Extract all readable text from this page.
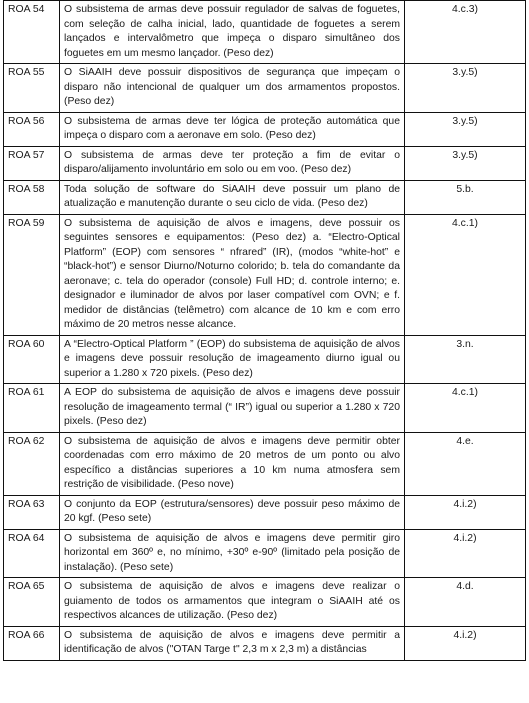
ROA 54	O subsistema de armas deve possuir regulador de salvas de foguetes, com seleção de calha inicial, lado, quantidade de foguetes a serem lançados e intervalômetro que impeça o disparo simultâneo dos foguetes em um mesmo lançador. (Peso dez)	4.c.3)
ROA 55	O SiAAIH deve possuir dispositivos de segurança que impeçam o disparo não intencional de qualquer um dos armamentos propostos. (Peso dez)	3.y.5)
ROA 56	O subsistema de armas deve ter lógica de proteção automática que impeça o disparo com a aeronave em solo. (Peso dez)	3.y.5)
ROA 57	O subsistema de armas deve ter proteção a fim de evitar o disparo/alijamento involuntário em solo ou em voo. (Peso dez)	3.y.5)
ROA 58	Toda solução de software do SiAAIH deve possuir um plano de atualização e manutenção durante o seu ciclo de vida. (Peso dez)	5.b.
ROA 59	O subsistema de aquisição de alvos e imagens, deve possuir os seguintes sensores e equipamentos: (Peso dez) a. “Electro-Optical Platform” (EOP) com sensores “ nfrared” (IR), (modos “white-hot” e “black-hot”) e sensor Diurno/Noturno colorido; b. tela do comandante da aeronave; c. tela do operador (console) Full HD; d. controle interno; e. designador e iluminador de alvos por laser compatível com OVN; e f. medidor de distâncias (telêmetro) com alcance de 10 km e com erro máximo de 20 metros nesse alcance.	4.c.1)
ROA 60	A “Electro-Optical Platform ” (EOP) do subsistema de aquisição de alvos e imagens deve possuir resolução de imageamento diurno igual ou superior a 1.280 x 720 pixels. (Peso dez)	3.n.
ROA 61	A EOP do subsistema de aquisição de alvos e imagens deve possuir resolução de imageamento termal (“ IR”) igual ou superior a 1.280 x 720 pixels. (Peso dez)	4.c.1)
ROA 62	O subsistema de aquisição de alvos e imagens deve permitir obter coordenadas com erro máximo de 20 metros de um ponto ou alvo específico a distâncias superiores a 10 km numa atmosfera sem restrição de visibilidade. (Peso nove)	4.e.
ROA 63	O conjunto da EOP (estrutura/sensores) deve possuir peso máximo de 20 kgf. (Peso sete)	4.i.2)
ROA 64	O subsistema de aquisição de alvos e imagens deve permitir giro horizontal em 360º e, no mínimo, +30º e-90º (limitado pela posição de instalação). (Peso sete)	4.i.2)
ROA 65	O subsistema de aquisição de alvos e imagens deve realizar o guiamento de todos os armamentos que integram o SiAAIH até os respectivos alcances de utilização. (Peso dez)	4.d.
ROA 66	O subsistema de aquisição de alvos e imagens deve permitir a identificação de alvos ("OTAN Targe t" 2,3 m x 2,3 m) a distâncias	4.i.2)
